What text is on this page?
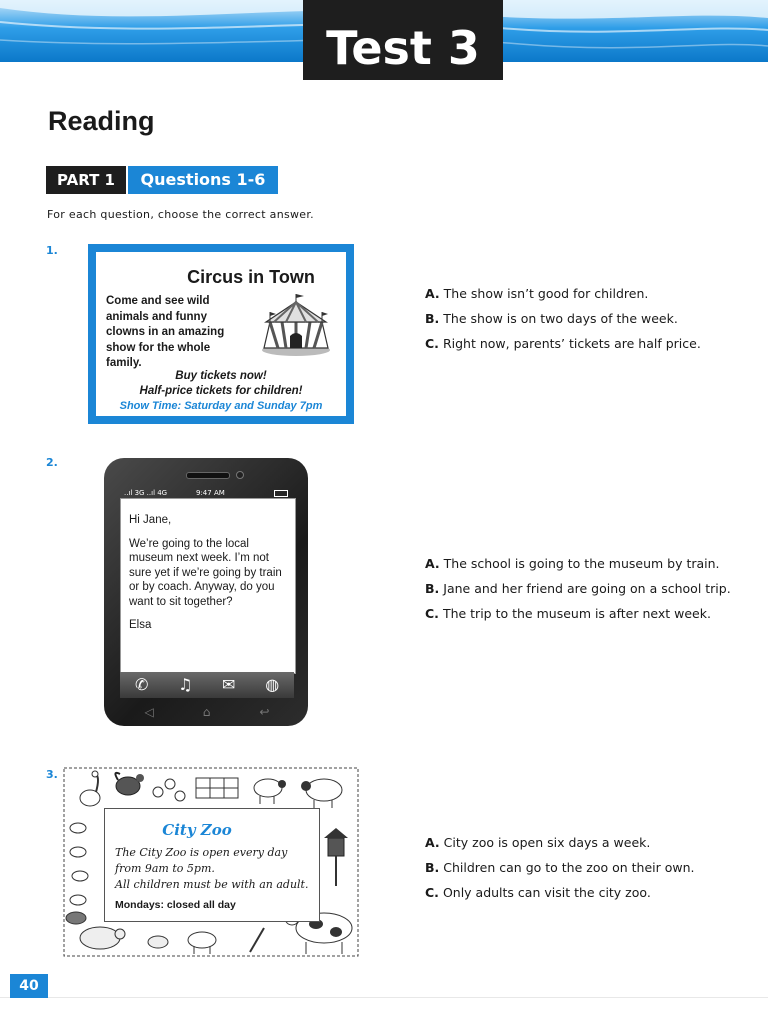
Test 3
Reading
PART 1	Questions 1-6
For each question, choose the correct answer.
1.
Circus in Town
Come and see wild
animals and funny
clowns in an amazing
show for the whole
family.
Buy tickets now!
Half-price tickets for children!
Show Time: Saturday and Sunday 7pm
A. The show isn’t good for children.
B. The show is on two days of the week.
C. Right now, parents’ tickets are half price.
2.
..ıl 3G ..ıl 4G	9:47 AM

Hi Jane,

We’re going to the local museum next week. I’m not sure yet if we’re going by train or by coach. Anyway, do you want to sit together?

Elsa

✆ ♫ ✉ ◍
◁	⌂	↩
A. The school is going to the museum by train.
B. Jane and her friend are going on a school trip.
C. The trip to the museum is after next week.
3.
City Zoo
The City Zoo is open every day
from 9am to 5pm.
All children must be with an adult.
Mondays: closed all day
A. City zoo is open six days a week.
B. Children can go to the zoo on their own.
C. Only adults can visit the city zoo.
40
